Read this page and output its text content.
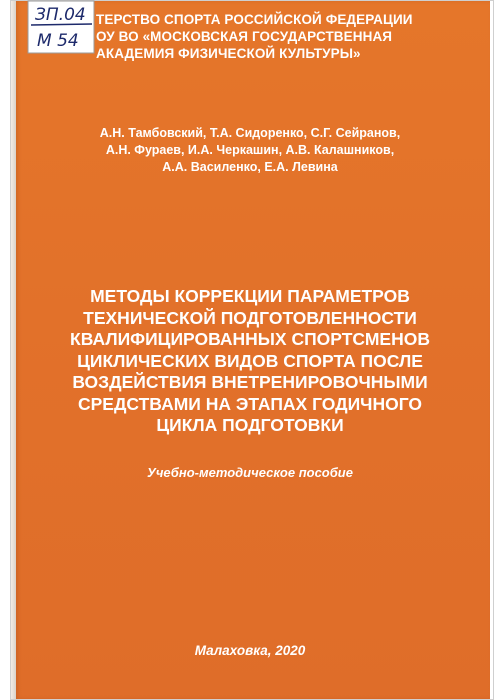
ТЕРСТВО СПОРТА РОССИЙСКОЙ ФЕДЕРАЦИИ
ОУ ВО «МОСКОВСКАЯ ГОСУДАРСТВЕННАЯ
АКАДЕМИЯ ФИЗИЧЕСКОЙ КУЛЬТУРЫ»
А.Н. Тамбовский, Т.А. Сидоренко, С.Г. Сейранов,
А.Н. Фураев, И.А. Черкашин, А.В. Калашников,
А.А. Василенко, Е.А. Левина
МЕТОДЫ КОРРЕКЦИИ ПАРАМЕТРОВ
ТЕХНИЧЕСКОЙ ПОДГОТОВЛЕННОСТИ
КВАЛИФИЦИРОВАННЫХ СПОРТСМЕНОВ
ЦИКЛИЧЕСКИХ ВИДОВ СПОРТА ПОСЛЕ
ВОЗДЕЙСТВИЯ ВНЕТРЕНИРОВОЧНЫМИ
СРЕДСТВАМИ НА ЭТАПАХ ГОДИЧНОГО
ЦИКЛА ПОДГОТОВКИ
Учебно-методическое пособие
Малаховка, 2020
ЗП.04
М 54
